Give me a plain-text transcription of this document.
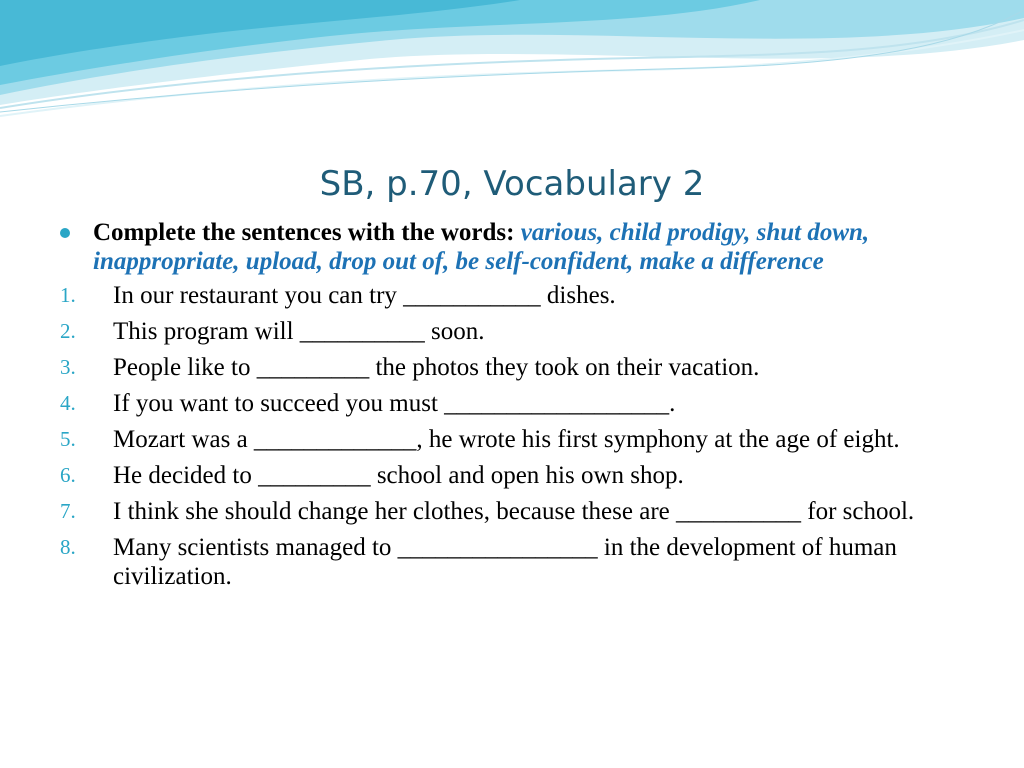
SB, p.70, Vocabulary 2
Complete the sentences with the words: various, child prodigy, shut down, inappropriate, upload, drop out of, be self-confident, make a difference
1. In our restaurant you can try ___________ dishes.
2. This program will __________ soon.
3. People like to _________ the photos they took on their vacation.
4. If you want to succeed you must __________________.
5. Mozart was a _____________, he wrote his first symphony at the age of eight.
6. He decided to _________ school and open his own shop.
7. I think she should change her clothes, because these are __________ for school.
8. Many scientists managed to ________________ in the development of human civilization.
